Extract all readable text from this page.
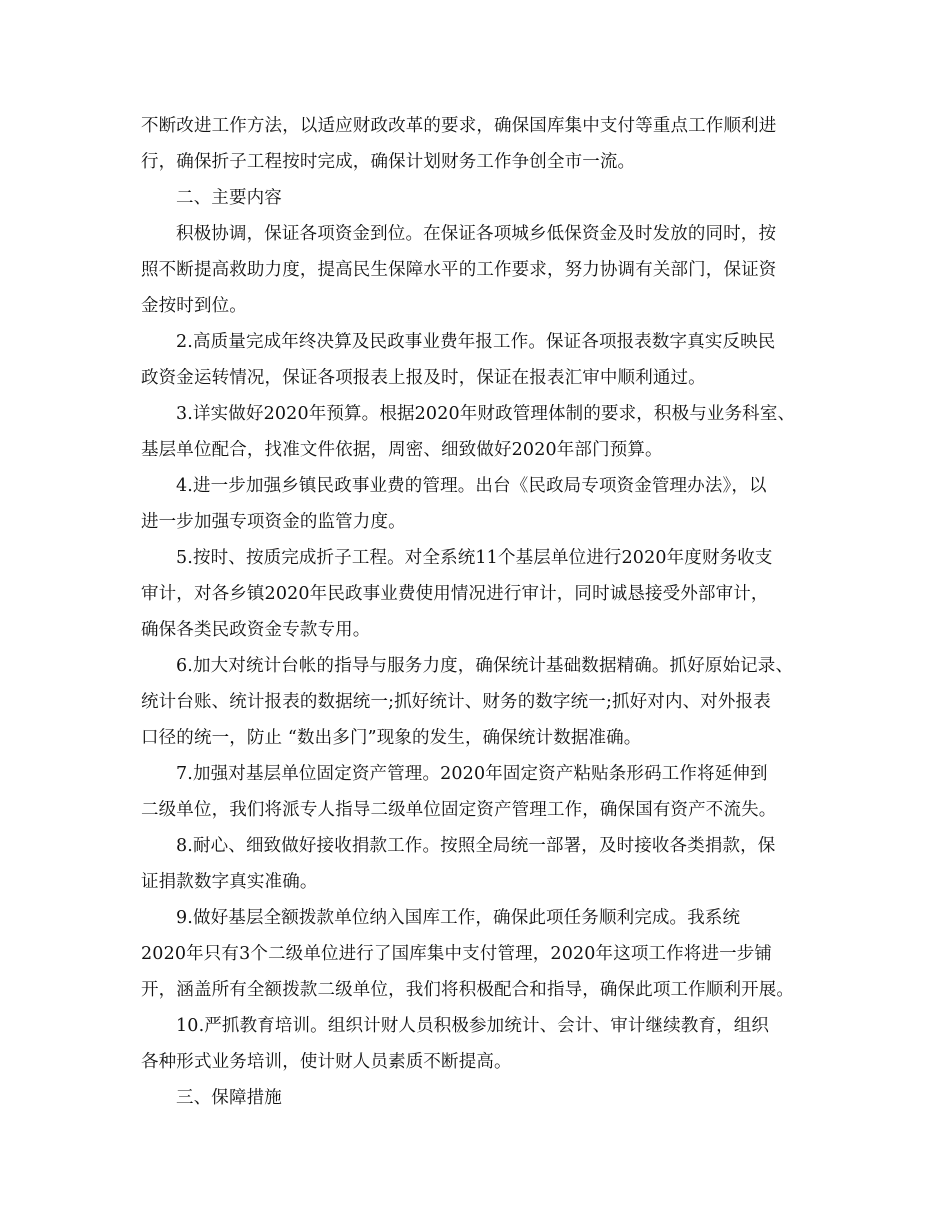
不断改进工作方法，以适应财政改革的要求，确保国库集中支付等重点工作顺利进
行，确保折子工程按时完成，确保计划财务工作争创全市一流。
二、主要内容
积极协调，保证各项资金到位。在保证各项城乡低保资金及时发放的同时，按
照不断提高救助力度，提高民生保障水平的工作要求，努力协调有关部门，保证资
金按时到位。
2.高质量完成年终决算及民政事业费年报工作。保证各项报表数字真实反映民
政资金运转情况，保证各项报表上报及时，保证在报表汇审中顺利通过。
3.详实做好2020年预算。根据2020年财政管理体制的要求，积极与业务科室、
基层单位配合，找准文件依据，周密、细致做好2020年部门预算。
4.进一步加强乡镇民政事业费的管理。出台《民政局专项资金管理办法》，以
进一步加强专项资金的监管力度。
5.按时、按质完成折子工程。对全系统11个基层单位进行2020年度财务收支
审计，对各乡镇2020年民政事业费使用情况进行审计，同时诚恳接受外部审计，
确保各类民政资金专款专用。
6.加大对统计台帐的指导与服务力度，确保统计基础数据精确。抓好原始记录、
统计台账、统计报表的数据统一;抓好统计、财务的数字统一;抓好对内、对外报表
口径的统一，防止 “数出多门”现象的发生，确保统计数据准确。
7.加强对基层单位固定资产管理。2020年固定资产粘贴条形码工作将延伸到
二级单位，我们将派专人指导二级单位固定资产管理工作，确保国有资产不流失。
8.耐心、细致做好接收捐款工作。按照全局统一部署，及时接收各类捐款，保
证捐款数字真实准确。
9.做好基层全额拨款单位纳入国库工作，确保此项任务顺利完成。我系统
2020年只有3个二级单位进行了国库集中支付管理，2020年这项工作将进一步铺
开，涵盖所有全额拨款二级单位，我们将积极配合和指导，确保此项工作顺利开展。
10.严抓教育培训。组织计财人员积极参加统计、会计、审计继续教育，组织
各种形式业务培训，使计财人员素质不断提高。
三、保障措施
